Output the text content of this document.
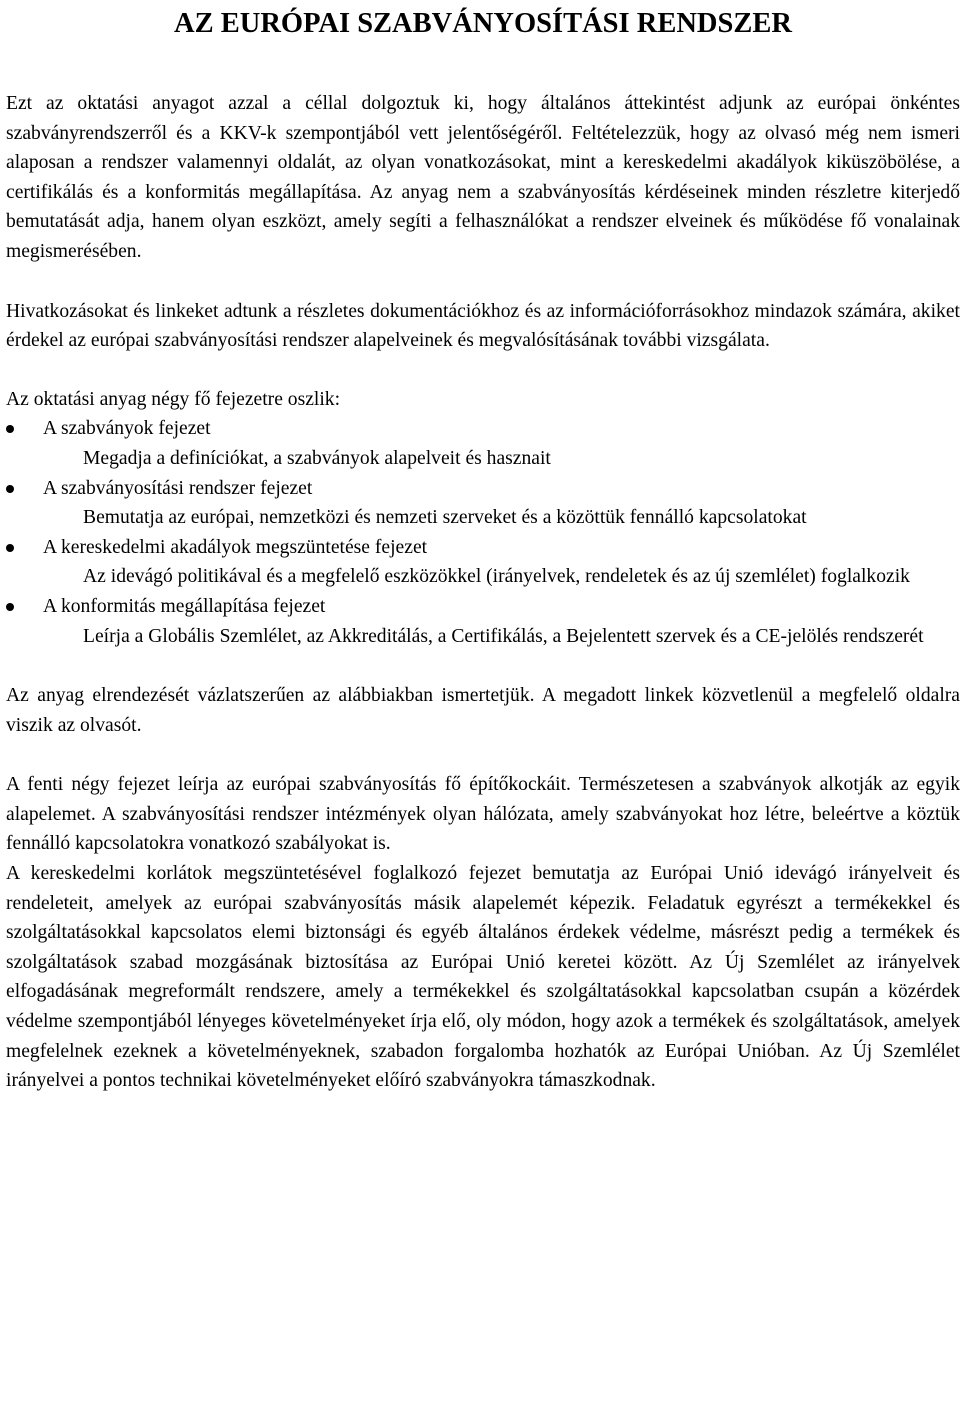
AZ EURÓPAI SZABVÁNYOSÍTÁSI RENDSZER

Ezt az oktatási anyagot azzal a céllal dolgoztuk ki, hogy általános áttekintést adjunk az európai önkéntes szabványrendszerről és a KKV-k szempontjából vett jelentőségéről. Feltételezzük, hogy az olvasó még nem ismeri alaposan a rendszer valamennyi oldalát, az olyan vonatkozásokat, mint a kereskedelmi akadályok kiküszöbölése, a certifikálás és a konformitás megállapítása. Az anyag nem a szabványosítás kérdéseinek minden részletre kiterjedő bemutatását adja, hanem olyan eszközt, amely segíti a felhasználókat a rendszer elveinek és működése fő vonalainak megismerésében.

Hivatkozásokat és linkeket adtunk a részletes dokumentációkhoz és az információforrásokhoz mindazok számára, akiket érdekel az európai szabványosítási rendszer alapelveinek és megvalósításának további vizsgálata.

Az oktatási anyag négy fő fejezetre oszlik:

A szabványok fejezet
Megadja a definíciókat, a szabványok alapelveit és hasznait
A szabványosítási rendszer fejezet
Bemutatja az európai, nemzetközi és nemzeti szerveket és a közöttük fennálló kapcsolatokat
A kereskedelmi akadályok megszüntetése fejezet
Az idevágó politikával és a megfelelő eszközökkel (irányelvek, rendeletek és az új szemlélet) foglalkozik
A konformitás megállapítása fejezet
Leírja a Globális Szemlélet, az Akkreditálás, a Certifikálás, a Bejelentett szervek és a CE-jelölés rendszerét

Az anyag elrendezését vázlatszerűen az alábbiakban ismertetjük. A megadott linkek közvetlenül a megfelelő oldalra viszik az olvasót.

A fenti négy fejezet leírja az európai szabványosítás fő építőkockáit. Természetesen a szabványok alkotják az egyik alapelemet. A szabványosítási rendszer intézmények olyan hálózata, amely szabványokat hoz létre, beleértve a köztük fennálló kapcsolatokra vonatkozó szabályokat is.

A kereskedelmi korlátok megszüntetésével foglalkozó fejezet bemutatja az Európai Unió idevágó irányelveit és rendeleteit, amelyek az európai szabványosítás másik alapelemét képezik. Feladatuk egyrészt a termékekkel és szolgáltatásokkal kapcsolatos elemi biztonsági és egyéb általános érdekek védelme, másrészt pedig a termékek és szolgáltatások szabad mozgásának biztosítása az Európai Unió keretei között. Az Új Szemlélet az irányelvek elfogadásának megreformált rendszere, amely a termékekkel és szolgáltatásokkal kapcsolatban csupán a közérdek védelme szempontjából lényeges követelményeket írja elő, oly módon, hogy azok a termékek és szolgáltatások, amelyek megfelelnek ezeknek a követelményeknek, szabadon forgalomba hozhatók az Európai Unióban. Az Új Szemlélet irányelvei a pontos technikai követelményeket előíró szabványokra támaszkodnak.
